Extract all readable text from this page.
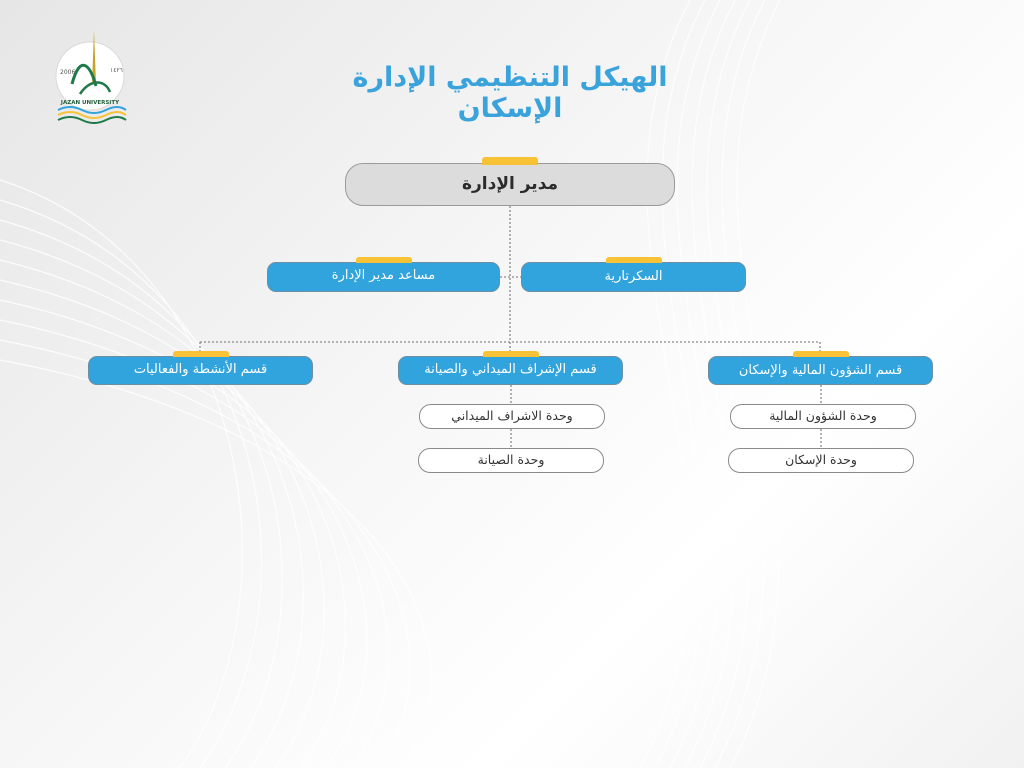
١٤٢٦
2006
JAZAN UNIVERSITY
الهيكل التنظيمي الإدارة الإسكان
مدير الإدارة
مساعد مدير الإدارة	السكرتارية
قسم الأنشطة والفعاليات	قسم الإشراف الميداني والصيانة	قسم الشؤون المالية والإسكان
وحدة الاشراف الميداني
وحدة الصيانة
وحدة الشؤون المالية
وحدة الإسكان
